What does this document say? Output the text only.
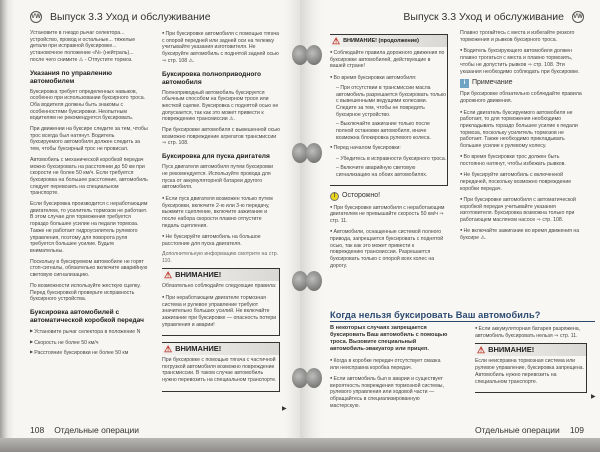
VW Выпуск 3.3 Уход и обслуживание

Установите в гнездо рычаг селектора... устройство, провод и остальные... тяжелые детали при исправной буксировке... установочное положение «N» (нейтраль)... после чего снимите ⚠ - Отпустите тормоз.

Указания по управлению автомобилем

Буксировка требует определенных навыков, особенно при использовании буксирного троса. Оба водителя должны быть знакомы с особенностями буксировки. Неопытным водителям не рекомендуется буксировать.

При движении на буксире следите за тем, чтобы трос всегда был натянут. Водитель буксируемого автомобиля должен следить за тем, чтобы буксирный трос не провисал.

Автомобиль с механической коробкой передач можно буксировать на расстоянии до 50 км при скорости не более 50 км/ч. Если требуется буксировка на большее расстояние, автомобиль следует перевозить на специальном транспорте.

Если буксировка производится с неработающим двигателем, то усилитель тормозов не работает. В этом случае для торможения требуется гораздо большее усилие на педали тормоза. Также не работает гидроусилитель рулевого управления, поэтому для поворота руля требуется большее усилие. Будьте внимательны.

Поскольку в буксируемом автомобиле не горят стоп-сигналы, обязательно включите аварийную световую сигнализацию.

По возможности используйте жесткую сцепку. Перед буксировкой проверьте исправность буксирного устройства.

Буксировка автомобилей с автоматической коробкой передач
▶ Установите рычаг селектора в положение N
▶ Скорость не более 50 км/ч
▶ Расстояние буксировки не более 50 км
● При буксировке автомобиля с помощью тягача с опорой передней или задней оси на тележку учитывайте указания изготовителя. Не буксируйте автомобиль с поднятой задней осью ⇒ стр. 108 ⚠.
Буксировка полноприводного автомобиля

Полноприводный автомобиль буксируется обычным способом на буксирном тросе или жесткой сцепке. Буксировка с поднятой осью не допускается, так как это может привести к повреждению трансмиссии ⚠.

При буксировке автомобиля с вывешенной осью возможно повреждение агрегатов трансмиссии ⇒ стр. 108.

Буксировка для пуска двигателя

Пуск двигателя автомобиля путем буксировки не рекомендуется. Используйте провода для пуска от аккумуляторной батареи другого автомобиля.

● Если пуск двигателя возможен только путем буксировки, включите 2-ю или 3-ю передачу, выжмите сцепление, включите зажигание и после набора скорости плавно отпустите педаль сцепления.
● Не буксируйте автомобиль на большое расстояние для пуска двигателя.

Дополнительную информацию смотрите на стр. 110.

⚠ ВНИМАНИЕ!

Обязательно соблюдайте следующие правила:

● При неработающем двигателе тормозная система и рулевое управление требуют значительно больших усилий. Не включайте зажигание при буксировке — опасность потери управления и аварии!
⚠ ВНИМАНИЕ!

При буксировке с помощью тягача с частичной погрузкой автомобиля возможно повреждение трансмиссии. В таком случае автомобиль нужно перевозить на специальном транспорте.

▶
108 Отдельные операции
Выпуск 3.3 Уход и обслуживание VW
⚠ ВНИМАНИЕ! (продолжение)
● Соблюдайте правила дорожного движения по буксировке автомобилей, действующие в вашей стране!
● Во время буксировки автомобиля:
– При отсутствии в трансмиссии масла автомобиль разрешается буксировать только с вывешенными ведущими колесами. Следите за тем, чтобы не повредить буксирное устройство.
– Выключайте зажигание только после полной остановки автомобиля, иначе возможна блокировка рулевого колеса.
● Перед началом буксировки:
– Убедитесь в исправности буксирного троса.
– Включите аварийную световую сигнализацию на обоих автомобилях.
! Осторожно!
● При буксировке автомобиля с неработающим двигателем не превышайте скорость 50 км/ч ⇒ стр. 11.
● Автомобили, оснащенные системой полного привода, запрещается буксировать с поднятой осью, так как это может привести к повреждению трансмиссии. Разрешается буксировать только с опорой всех колес на дорогу.

Плавно трогайтесь с места и избегайте резкого торможения и рывков буксирного троса.

● Водитель буксирующего автомобиля должен плавно трогаться с места и плавно тормозить, чтобы не допустить рывков ⇒ стр. 108. Эти указания необходимо соблюдать при буксировке.
i Примечание

При буксировке обязательно соблюдайте правила дорожного движения.

● Если двигатель буксируемого автомобиля не работает, то для торможения необходимо прикладывать гораздо большее усилие к педали тормоза, поскольку усилитель тормозов не работает. Также необходимо прикладывать большее усилие к рулевому колесу.
● Во время буксировки трос должен быть постоянно натянут, чтобы избежать рывков.
● Не буксируйте автомобиль с включенной передачей, поскольку возможно повреждение коробки передач.
● При буксировке автомобиля с автоматической коробкой передач учитывайте указания изготовителя. Буксировка возможна только при работающем масляном насосе ⇒ стр. 108.
● Не включайте зажигание во время движения на буксире ⚠.
Когда нельзя буксировать Ваш автомобиль?

В некоторых случаях запрещается буксировать Ваш автомобиль с помощью троса. Вызовите специальный автомобиль-эвакуатор или прицеп.

● Когда в коробке передач отсутствует смазка или неисправна коробка передач.
● Если автомобиль был в аварии и существует вероятность повреждения тормозной системы, рулевого управления или ходовой части — обращайтесь в специализированную мастерскую.
● Если аккумуляторная батарея разряжена, автомобиль буксировать нельзя ⇒ стр. 11.
⚠ ВНИМАНИЕ!

Если неисправна тормозная система или рулевое управление, буксировка запрещена. Автомобиль нужно перевозить на специальном транспорте.

▶
Отдельные операции 109
